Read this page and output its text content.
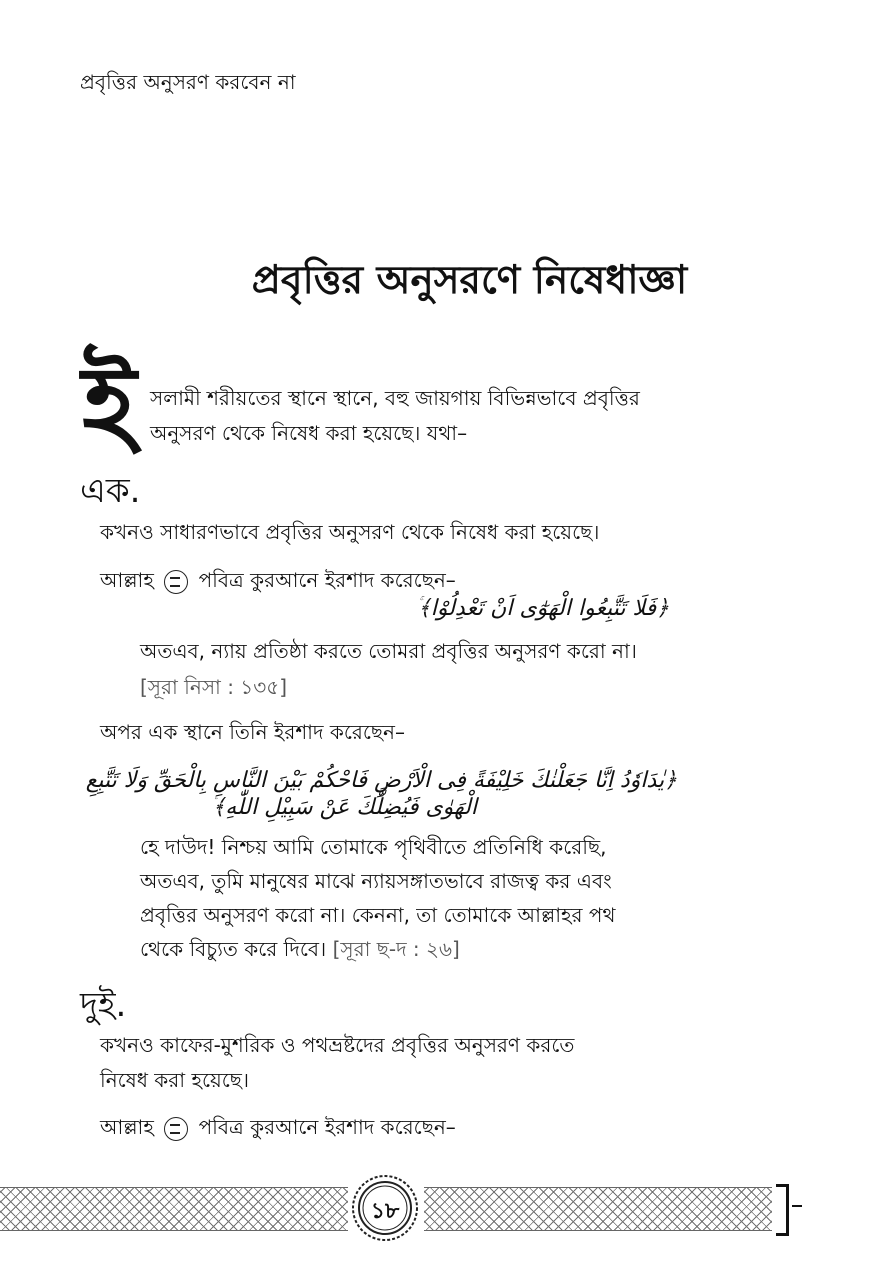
প্রবৃত্তির অনুসরণ করবেন না
প্রবৃত্তির অনুসরণে নিষেধাজ্ঞা
ই সলামী শরীয়তের স্থানে স্থানে, বহু জায়গায় বিভিন্নভাবে প্রবৃত্তির
অনুসরণ থেকে নিষেধ করা হয়েছে। যথা–
এক.
কখনও সাধারণভাবে প্রবৃত্তির অনুসরণ থেকে নিষেধ করা হয়েছে।
আল্লাহ পবিত্র কুরআনে ইরশাদ করেছেন–
﴿فَلَا تَتَّبِعُوا الْهَوٰٓى اَنْ تَعْدِلُوْا﴾
অতএব, ন্যায় প্রতিষ্ঠা করতে তোমরা প্রবৃত্তির অনুসরণ করো না।
[সূরা নিসা : ১৩৫]
অপর এক স্থানে তিনি ইরশাদ করেছেন–
﴿يٰدَاوٗدُ اِنَّا جَعَلْنٰكَ خَلِيْفَةً فِى الْاَرْضِ فَاحْكُمْ بَيْنَ النَّاسِ بِالْحَقِّ وَلَا تَتَّبِعِ
الْهَوٰى فَيُضِلَّكَ عَنْ سَبِيْلِ اللّٰهِ﴾
হে দাউদ! নিশ্চয় আমি তোমাকে পৃথিবীতে প্রতিনিধি করেছি,
অতএব, তুমি মানুষের মাঝে ন্যায়সঙ্গাতভাবে রাজত্ব কর এবং
প্রবৃত্তির অনুসরণ করো না। কেননা, তা তোমাকে আল্লাহর পথ
থেকে বিচ্যুত করে দিবে। [সূরা ছ-দ : ২৬]
দুই.
কখনও কাফের-মুশরিক ও পথভ্রষ্টদের প্রবৃত্তির অনুসরণ করতে
নিষেধ করা হয়েছে।
আল্লাহ পবিত্র কুরআনে ইরশাদ করেছেন–
১৮
